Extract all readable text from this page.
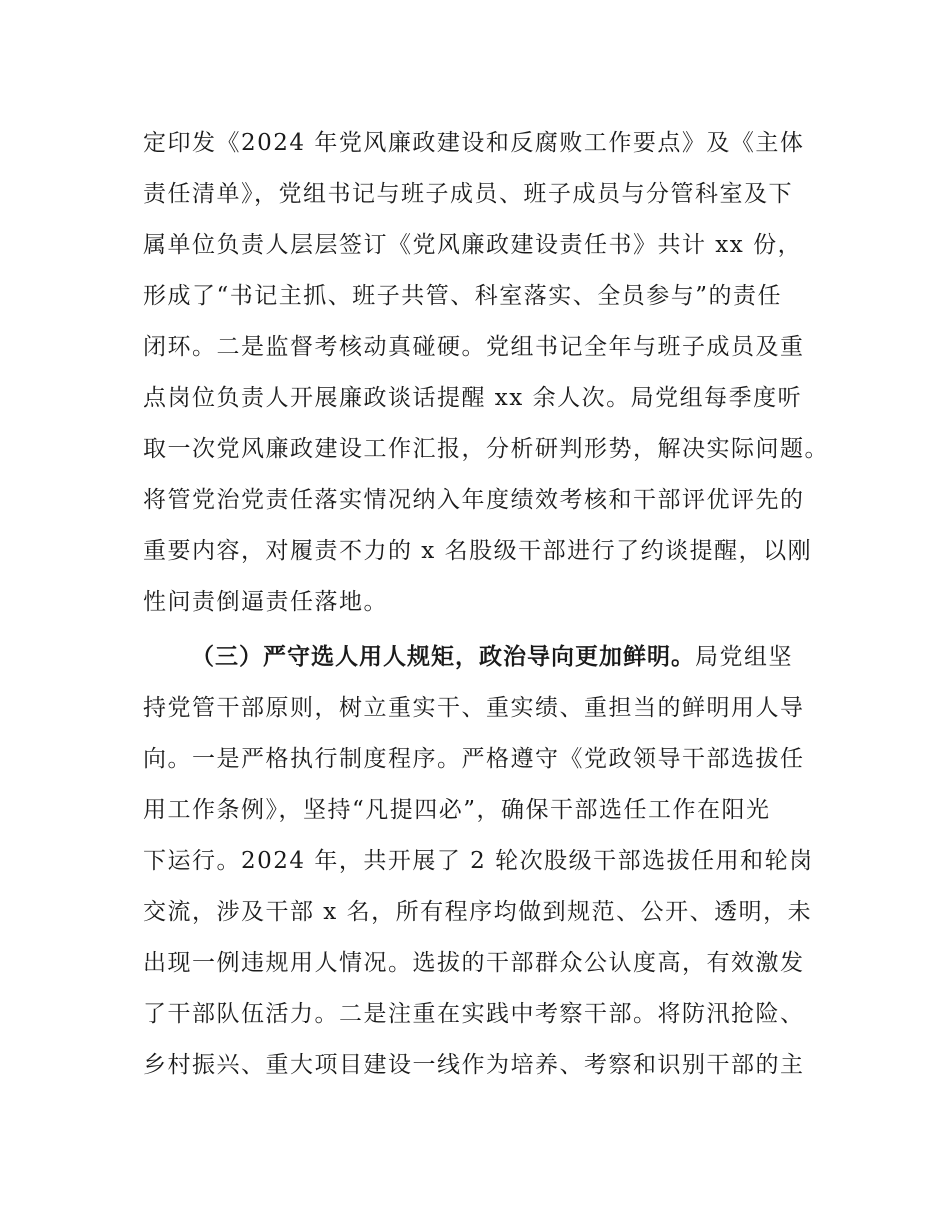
定印发《2024 年党风廉政建设和反腐败工作要点》及《主体
责任清单》，党组书记与班子成员、班子成员与分管科室及下
属单位负责人层层签订《党风廉政建设责任书》共计 xx 份，
形成了“书记主抓、班子共管、科室落实、全员参与”的责任
闭环。二是监督考核动真碰硬。党组书记全年与班子成员及重
点岗位负责人开展廉政谈话提醒 xx 余人次。局党组每季度听
取一次党风廉政建设工作汇报，分析研判形势，解决实际问题。
将管党治党责任落实情况纳入年度绩效考核和干部评优评先的
重要内容，对履责不力的 x 名股级干部进行了约谈提醒，以刚
性问责倒逼责任落地。
（三）严守选人用人规矩，政治导向更加鲜明。局党组坚
持党管干部原则，树立重实干、重实绩、重担当的鲜明用人导
向。一是严格执行制度程序。严格遵守《党政领导干部选拔任
用工作条例》，坚持“凡提四必”，确保干部选任工作在阳光
下运行。2024 年，共开展了 2 轮次股级干部选拔任用和轮岗
交流，涉及干部 x 名，所有程序均做到规范、公开、透明，未
出现一例违规用人情况。选拔的干部群众公认度高，有效激发
了干部队伍活力。二是注重在实践中考察干部。将防汛抢险、
乡村振兴、重大项目建设一线作为培养、考察和识别干部的主
